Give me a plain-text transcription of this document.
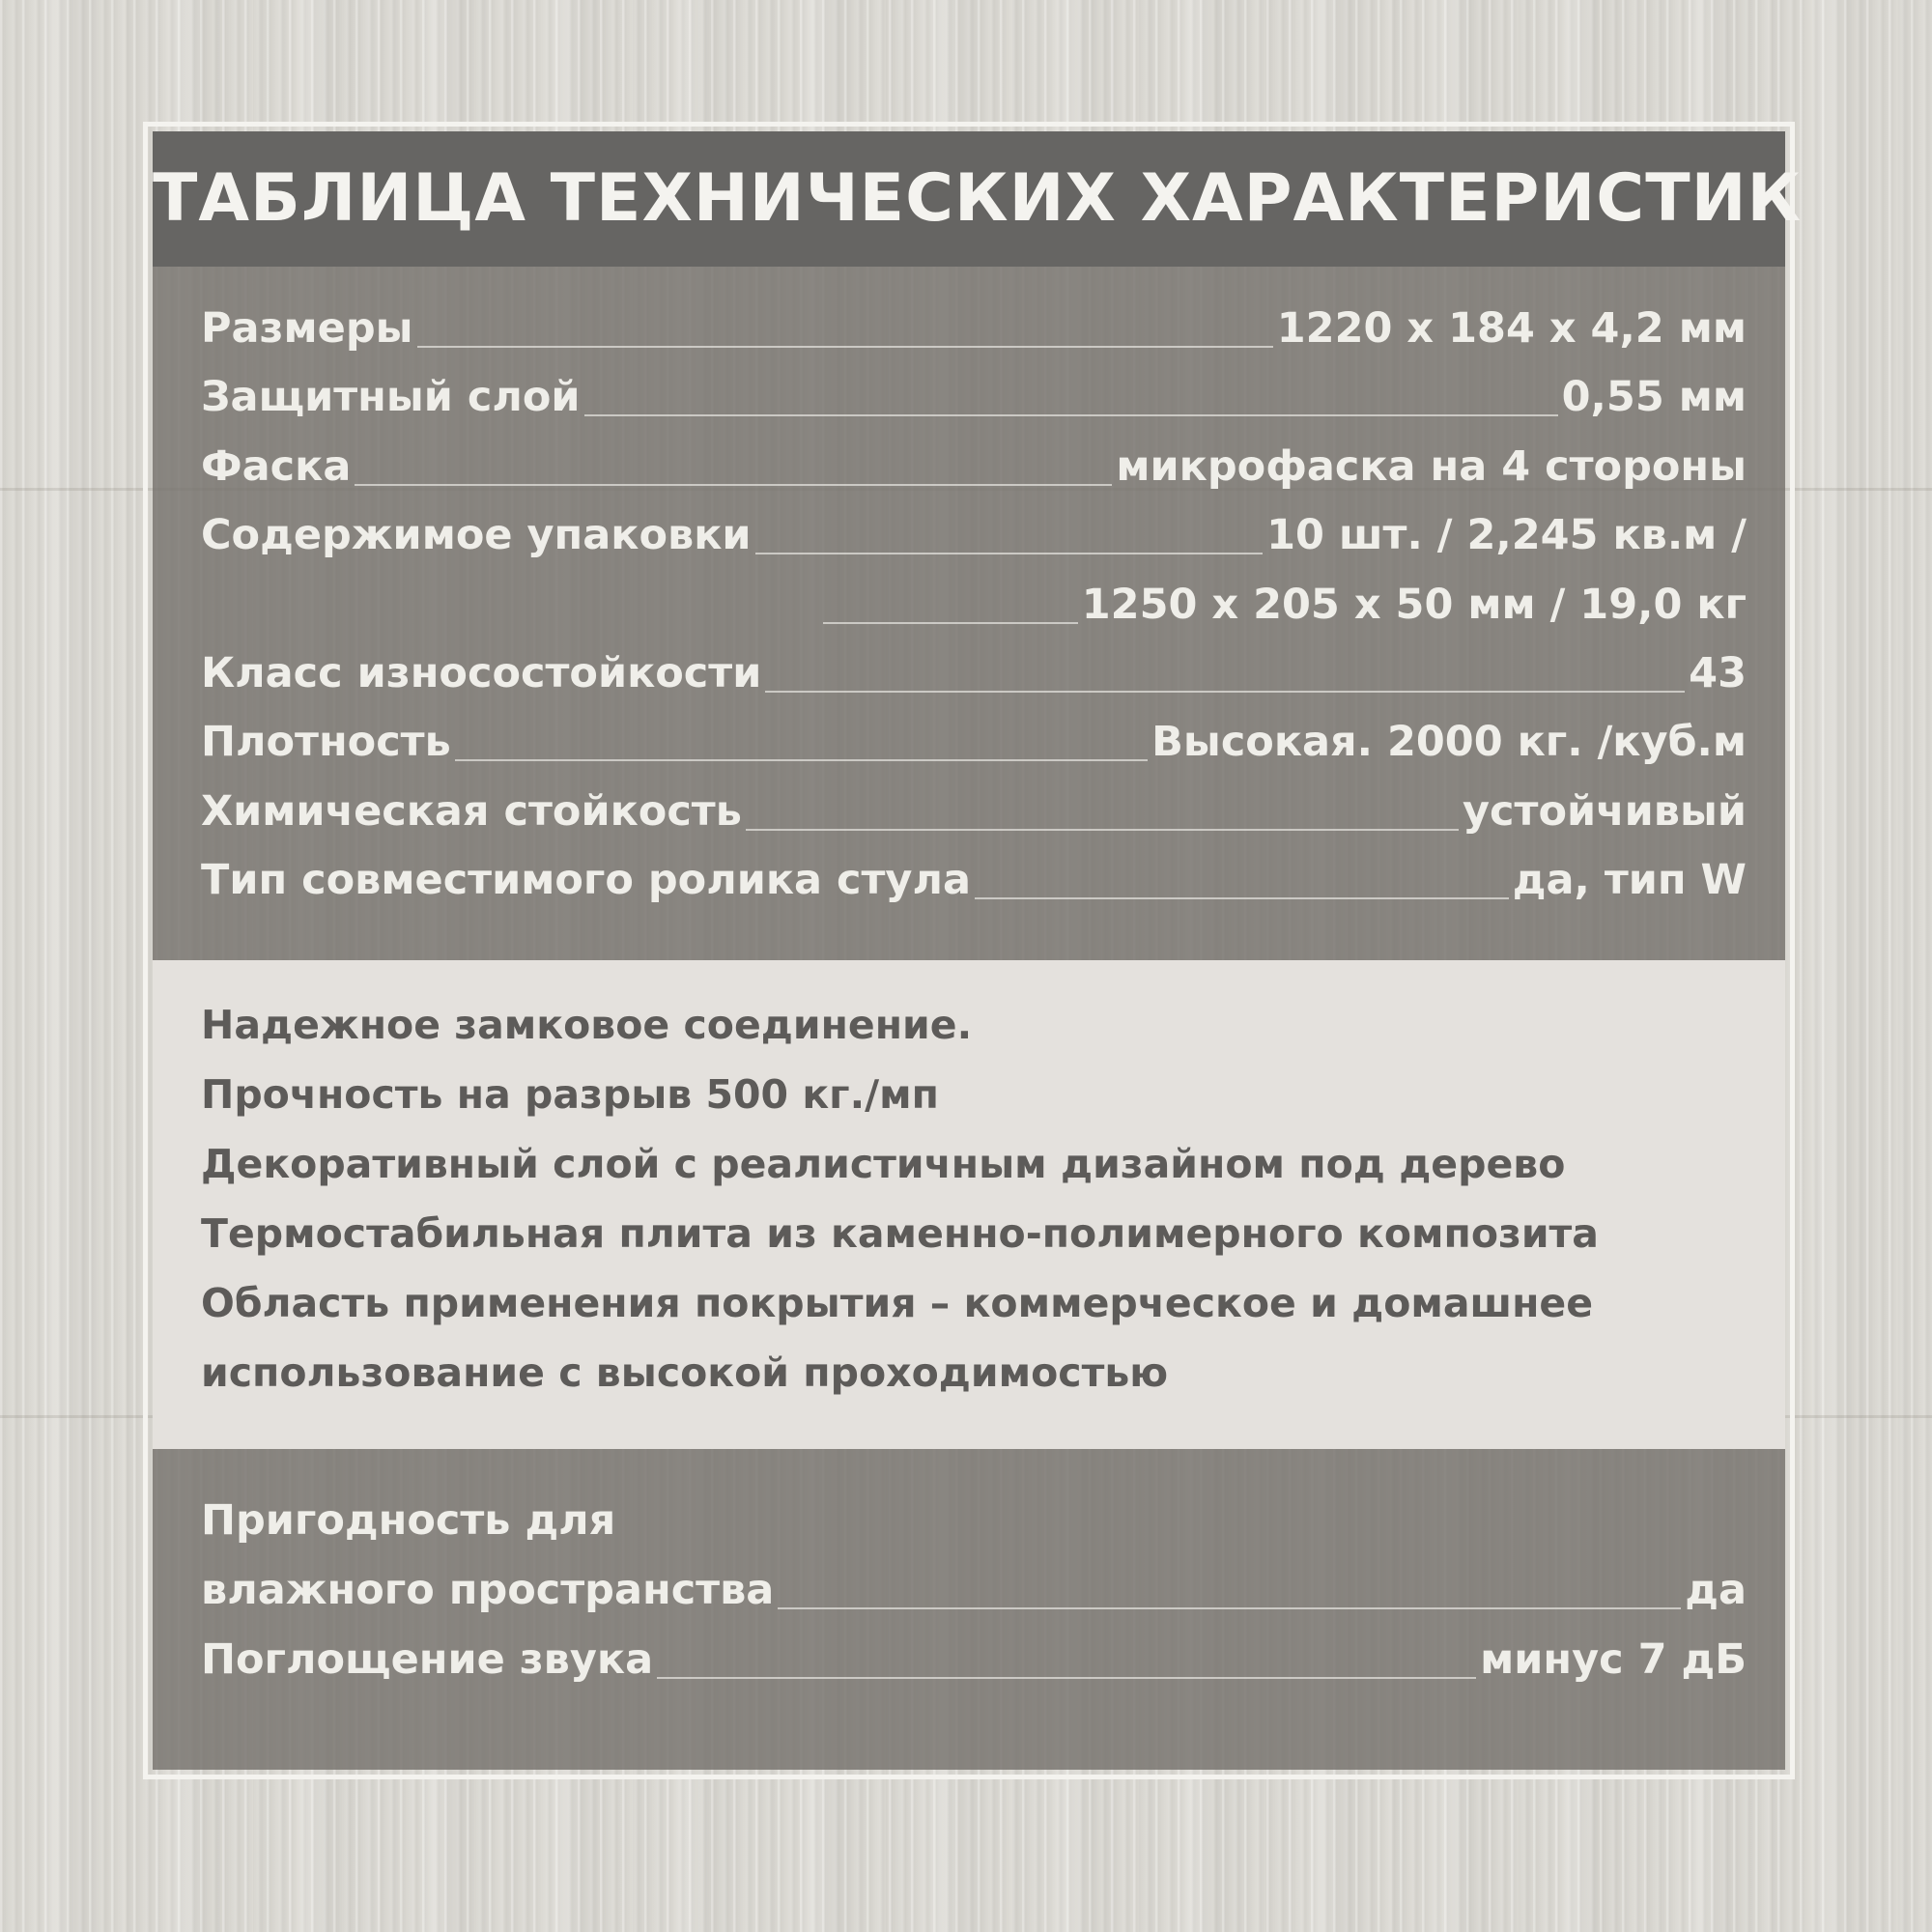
ТАБЛИЦА ТЕХНИЧЕСКИХ ХАРАКТЕРИСТИК
Размеры	1220 x 184 x 4,2 мм
Защитный слой	0,55 мм
Фаска	микрофаска на 4 стороны
Содержимое упаковки	10 шт. / 2,245 кв.м /
1250 x 205 x 50 мм / 19,0 кг
Класс износостойкости	43
Плотность	Высокая. 2000 кг. /куб.м
Химическая стойкость	устойчивый
Тип совместимого ролика стула	да, тип W
Надежное замковое соединение.
Прочность на разрыв 500 кг./мп
Декоративный слой с реалистичным дизайном под дерево
Термостабильная плита из каменно-полимерного композита
Область применения покрытия – коммерческое и домашнее
использование с высокой проходимостью
Пригодность для
влажного пространства	да
Поглощение звука	минус 7 дБ
